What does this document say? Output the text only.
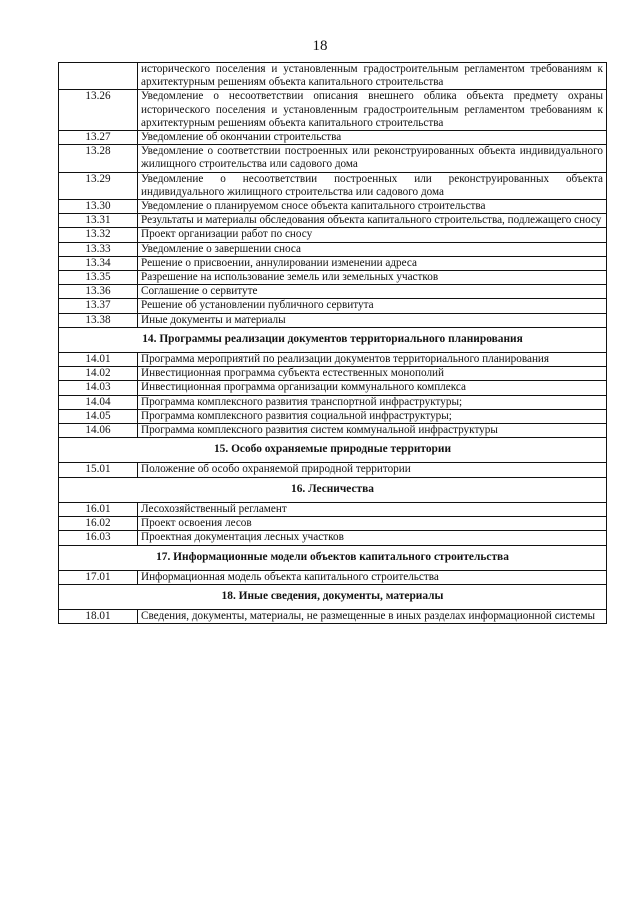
18
	исторического поселения и установленным градостроительным регламентом требованиям к архитектурным решениям объекта капитального строительства
13.26	Уведомление о несоответствии описания внешнего облика объекта предмету охраны исторического поселения и установленным градостроительным регламентом требованиям к архитектурным решениям объекта капитального строительства
13.27	Уведомление об окончании строительства
13.28	Уведомление о соответствии построенных или реконструированных объекта индивидуального жилищного строительства или садового дома
13.29	Уведомление о несоответствии построенных или реконструированных объекта индивидуального жилищного строительства или садового дома
13.30	Уведомление о планируемом сносе объекта капитального строительства
13.31	Результаты и материалы обследования объекта капитального строительства, подлежащего сносу
13.32	Проект организации работ по сносу
13.33	Уведомление о завершении сноса
13.34	Решение о присвоении, аннулировании изменении адреса
13.35	Разрешение на использование земель или земельных участков
13.36	Соглашение о сервитуте
13.37	Решение об установлении публичного сервитута
13.38	Иные документы и материалы
14. Программы реализации документов территориального планирования	
14.01	Программа мероприятий по реализации документов территориального планирования
14.02	Инвестиционная программа субъекта естественных монополий
14.03	Инвестиционная программа организации коммунального комплекса
14.04	Программа комплексного развития транспортной инфраструктуры;
14.05	Программа комплексного развития социальной инфраструктуры;
14.06	Программа комплексного развития систем коммунальной инфраструктуры
15. Особо охраняемые природные территории	
15.01	Положение об особо охраняемой природной территории
16. Лесничества	
16.01	Лесохозяйственный регламент
16.02	Проект освоения лесов
16.03	Проектная документация лесных участков
17. Информационные модели объектов капитального строительства	
17.01	Информационная модель объекта капитального строительства
18. Иные сведения, документы, материалы	
18.01	Сведения, документы, материалы, не размещенные в иных разделах информационной системы
